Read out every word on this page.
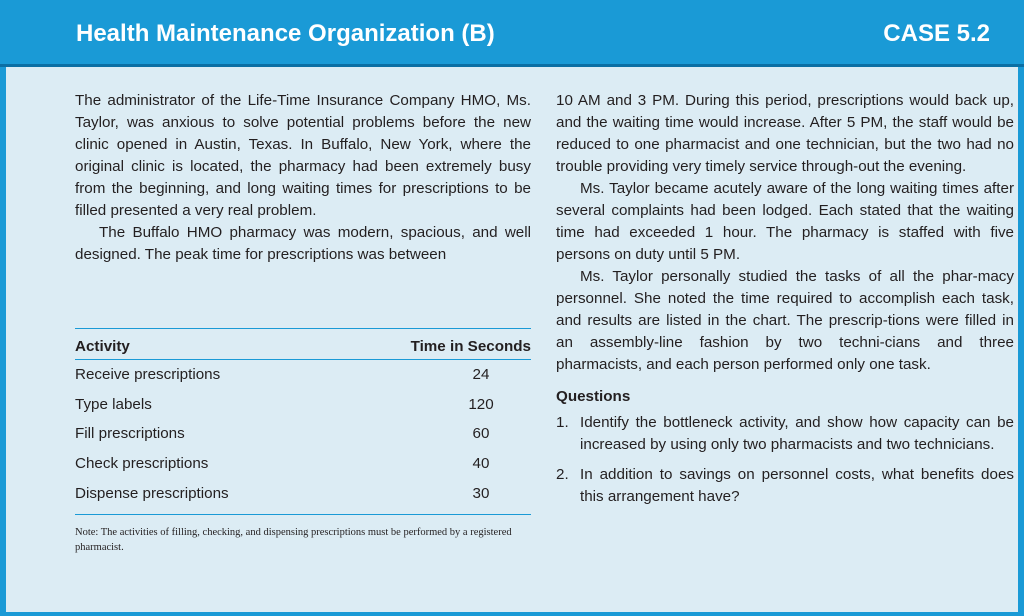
Health Maintenance Organization (B)	CASE 5.2

The administrator of the Life-Time Insurance Company HMO, Ms. Taylor, was anxious to solve potential problems before the new clinic opened in Austin, Texas. In Buffalo, New York, where the original clinic is located, the pharmacy had been extremely busy from the beginning, and long waiting times for prescriptions to be filled presented a very real problem.

The Buffalo HMO pharmacy was modern, spacious, and well designed. The peak time for prescriptions was between

Activity	Time in Seconds
Receive prescriptions	24
Type labels	120
Fill prescriptions	60
Check prescriptions	40
Dispense prescriptions	30
Note: The activities of filling, checking, and dispensing prescriptions must be performed by a registered pharmacist.

10 AM and 3 PM. During this period, prescriptions would back up, and the waiting time would increase. After 5 PM, the staff would be reduced to one pharmacist and one technician, but the two had no trouble providing very timely service through-out the evening.

Ms. Taylor became acutely aware of the long waiting times after several complaints had been lodged. Each stated that the waiting time had exceeded 1 hour. The pharmacy is staffed with five persons on duty until 5 PM.

Ms. Taylor personally studied the tasks of all the phar-macy personnel. She noted the time required to accomplish each task, and results are listed in the chart. The prescrip-tions were filled in an assembly-line fashion by two techni-cians and three pharmacists, and each person performed only one task.

Questions
1. Identify the bottleneck activity, and show how capacity can be increased by using only two pharmacists and two technicians.
2. In addition to savings on personnel costs, what benefits does this arrangement have?
